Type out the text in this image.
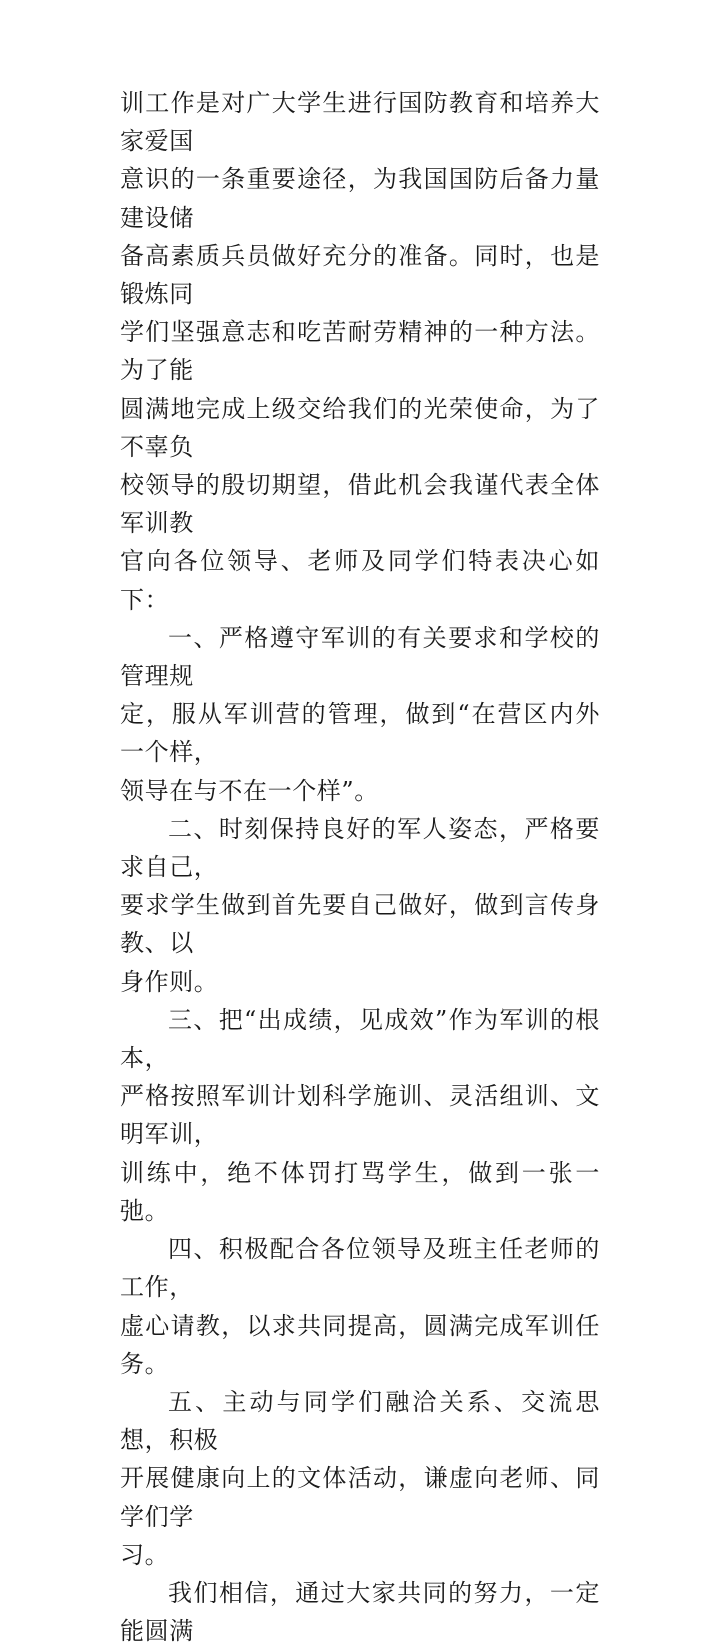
训工作是对广大学生进行国防教育和培养大家爱国
意识的一条重要途径，为我国国防后备力量建设储
备高素质兵员做好充分的准备。同时，也是锻炼同
学们坚强意志和吃苦耐劳精神的一种方法。为了能
圆满地完成上级交给我们的光荣使命，为了不辜负
校领导的殷切期望，借此机会我谨代表全体军训教
官向各位领导、老师及同学们特表决心如下：
一、严格遵守军训的有关要求和学校的管理规
定，服从军训营的管理，做到“在营区内外一个样，
领导在与不在一个样”。
二、时刻保持良好的军人姿态，严格要求自己，
要求学生做到首先要自己做好，做到言传身教、以
身作则。
三、把“出成绩，见成效”作为军训的根本，
严格按照军训计划科学施训、灵活组训、文明军训，
训练中，绝不体罚打骂学生，做到一张一弛。
四、积极配合各位领导及班主任老师的工作，
虚心请教，以求共同提高，圆满完成军训任务。
五、主动与同学们融洽关系、交流思想，积极
开展健康向上的文体活动，谦虚向老师、同学们学
习。
我们相信，通过大家共同的努力，一定能圆满
